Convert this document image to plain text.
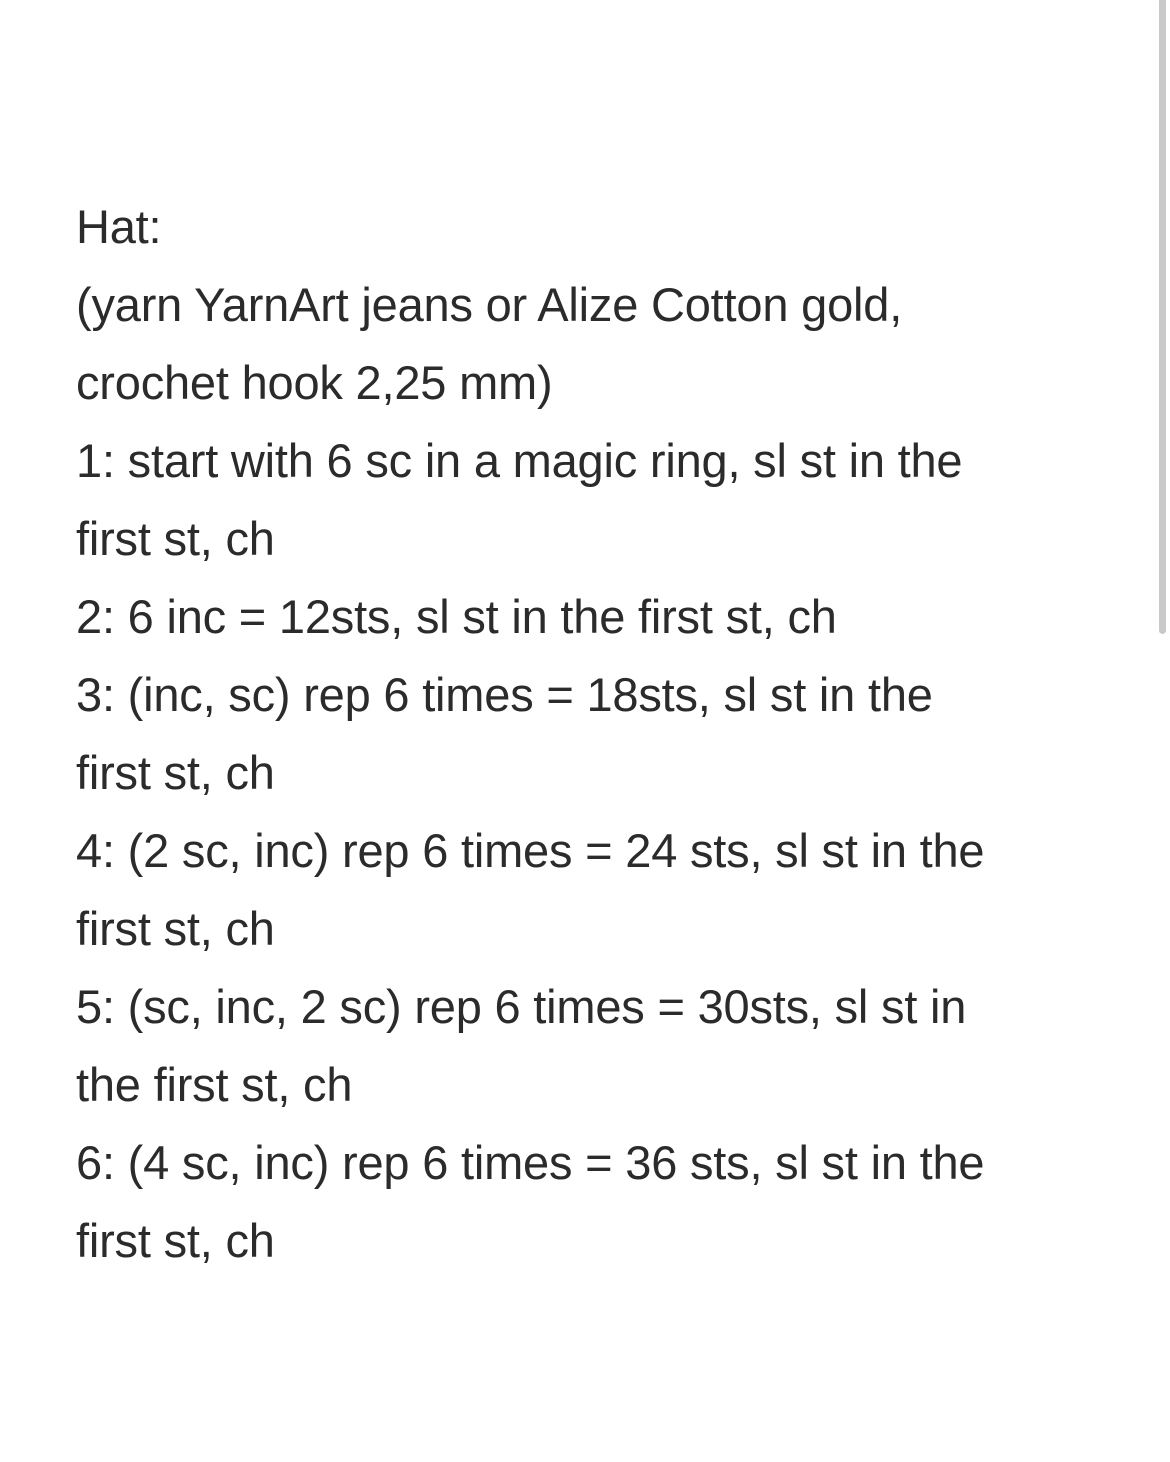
Hat:
(yarn YarnArt jeans or Alize Cotton gold,
crochet hook 2,25 mm)
1: start with 6 sc in a magic ring, sl st in the
first st, ch
2: 6 inc = 12sts, sl st in the first st, ch
3: (inc, sc) rep 6 times = 18sts, sl st in the
first st, ch
4: (2 sc, inc) rep 6 times = 24 sts, sl st in the
first st, ch
5: (sc, inc, 2 sc) rep 6 times = 30sts, sl st in
the first st, ch
6: (4 sc, inc) rep 6 times = 36 sts, sl st in the
first st, ch
